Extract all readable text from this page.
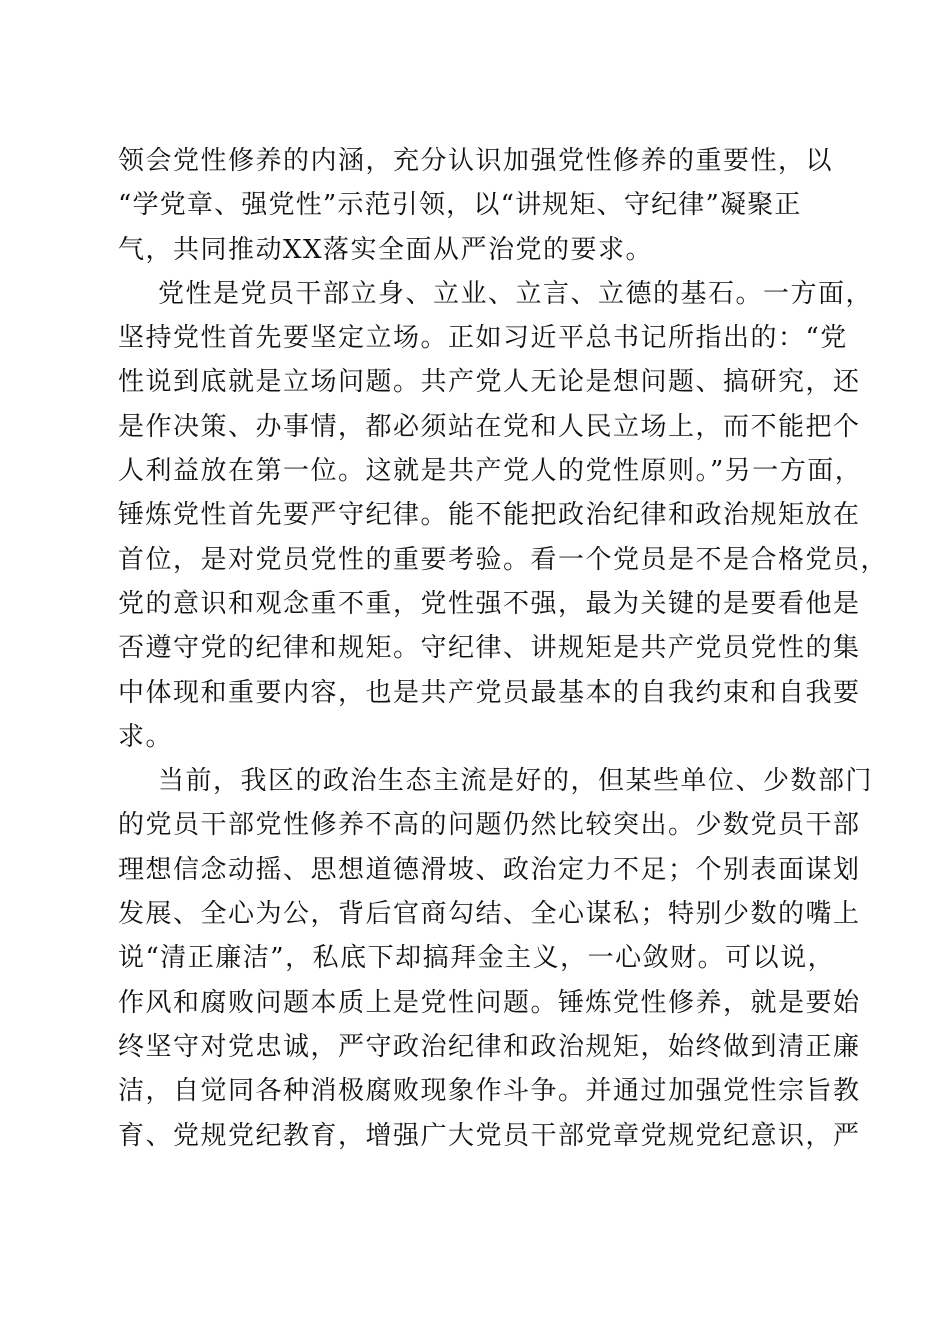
领会党性修养的内涵，充分认识加强党性修养的重要性，以
“学党章、强党性”示范引领，以“讲规矩、守纪律”凝聚正
气，共同推动XX落实全面从严治党的要求。
党性是党员干部立身、立业、立言、立德的基石。一方面，
坚持党性首先要坚定立场。正如习近平总书记所指出的：“党
性说到底就是立场问题。共产党人无论是想问题、搞研究，还
是作决策、办事情，都必须站在党和人民立场上，而不能把个
人利益放在第一位。这就是共产党人的党性原则。”另一方面，
锤炼党性首先要严守纪律。能不能把政治纪律和政治规矩放在
首位，是对党员党性的重要考验。看一个党员是不是合格党员，
党的意识和观念重不重，党性强不强，最为关键的是要看他是
否遵守党的纪律和规矩。守纪律、讲规矩是共产党员党性的集
中体现和重要内容，也是共产党员最基本的自我约束和自我要
求。
当前，我区的政治生态主流是好的，但某些单位、少数部门
的党员干部党性修养不高的问题仍然比较突出。少数党员干部
理想信念动摇、思想道德滑坡、政治定力不足；个别表面谋划
发展、全心为公，背后官商勾结、全心谋私；特别少数的嘴上
说“清正廉洁”，私底下却搞拜金主义，一心敛财。可以说，
作风和腐败问题本质上是党性问题。锤炼党性修养，就是要始
终坚守对党忠诚，严守政治纪律和政治规矩，始终做到清正廉
洁，自觉同各种消极腐败现象作斗争。并通过加强党性宗旨教
育、党规党纪教育，增强广大党员干部党章党规党纪意识，严
